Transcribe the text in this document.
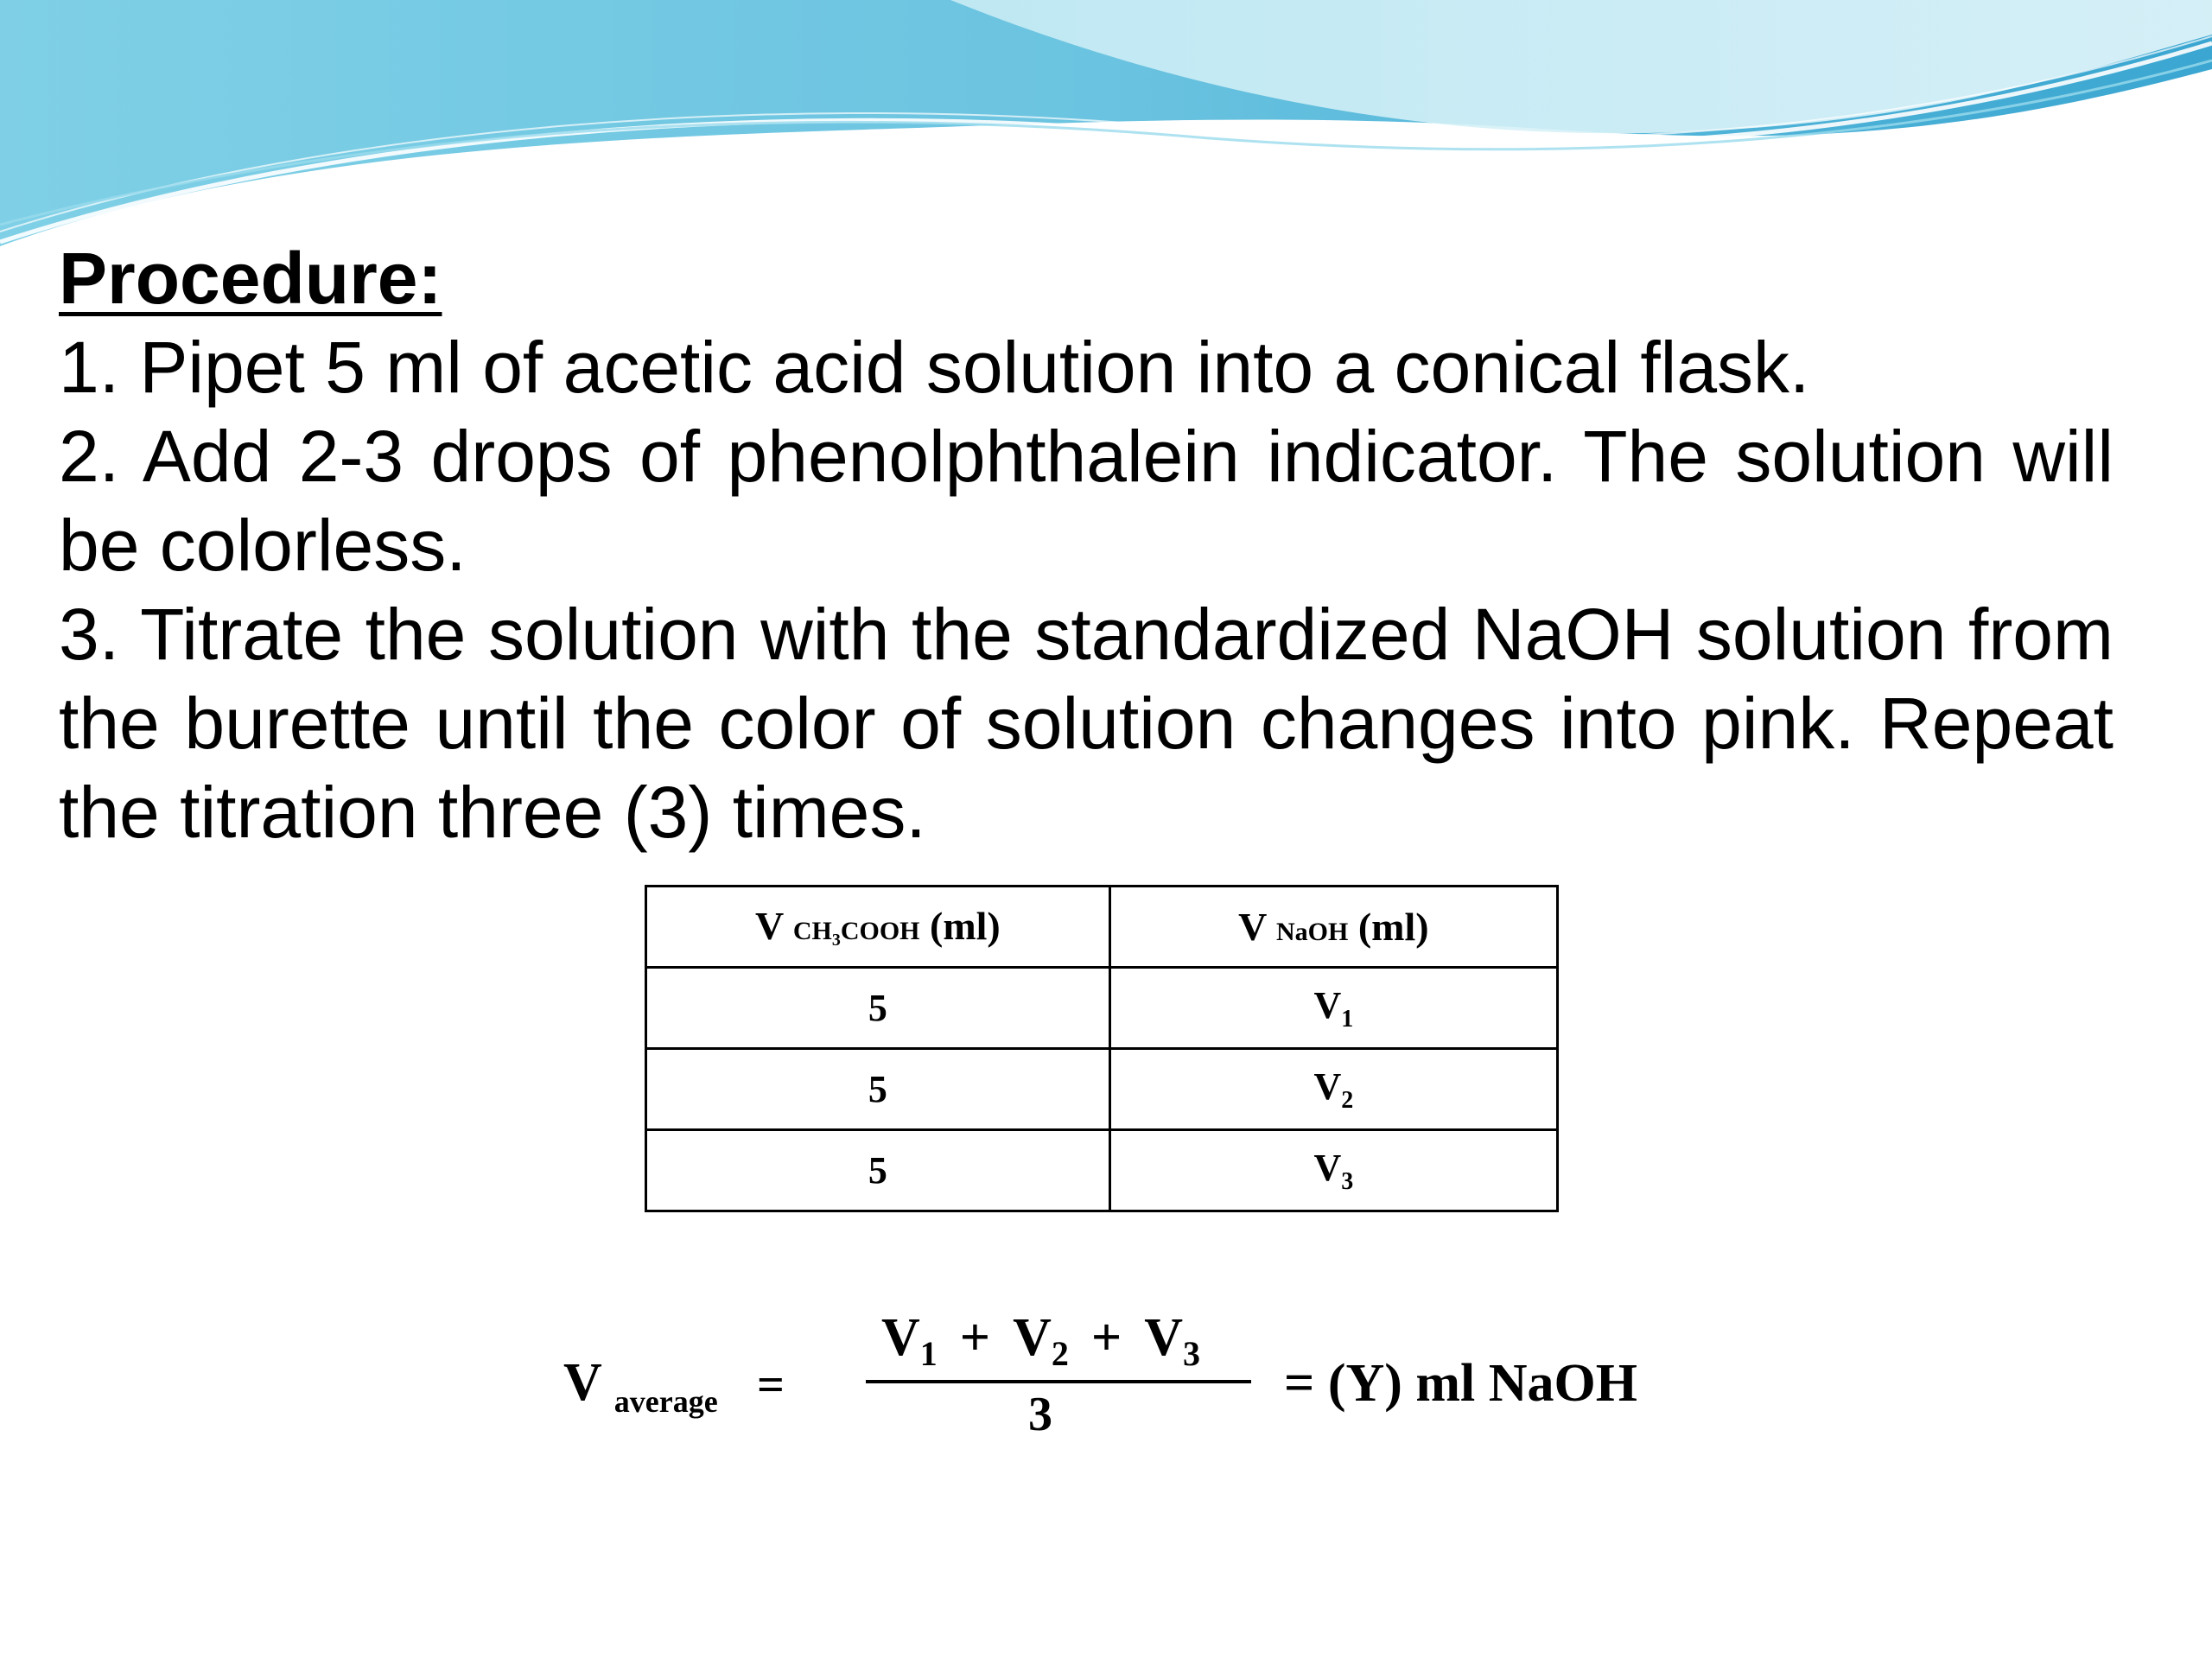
Procedure:

1. Pipet 5 ml of acetic acid solution into a conical flask.

2. Add 2-3 drops of phenolphthalein indicator. The solution will be colorless.

3. Titrate the solution with the standardized NaOH solution from the burette until the color of solution changes into pink. Repeat the titration three (3) times.

V $CH_3COOH$ (ml)	V NaOH (ml)
5	$V_1$
5	$V_2$
5	$V_3$
V $_{average}$ =
V1 + V2 + V3
3
= (Y) ml NaOH
